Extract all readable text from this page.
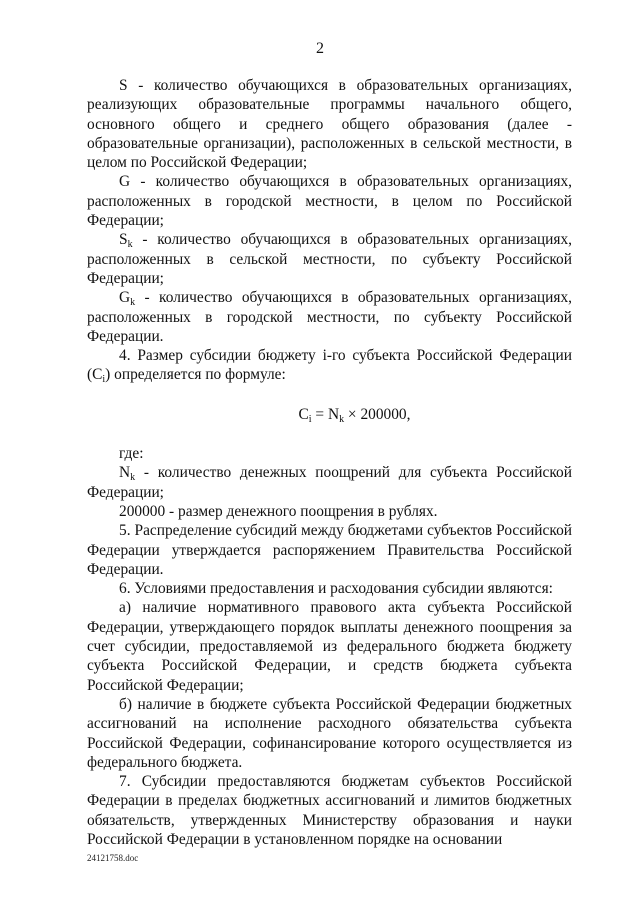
2

S - количество обучающихся в образовательных организациях, реализующих образовательные программы начального общего, основного общего и среднего общего образования (далее - образовательные организации), расположенных в сельской местности, в целом по Российской Федерации;

G - количество обучающихся в образовательных организациях, расположенных в городской местности, в целом по Российской Федерации;

$S_k$ - количество обучающихся в образовательных организациях, расположенных в сельской местности, по субъекту Российской Федерации;

$G_k$ - количество обучающихся в образовательных организациях, расположенных в городской местности, по субъекту Российской Федерации.

4. Размер субсидии бюджету i-го субъекта Российской Федерации $(С_i)$ определяется по формуле:

$C_i = N_k \times 200000$,

где:

$N_k$ - количество денежных поощрений для субъекта Российской Федерации;

200000 - размер денежного поощрения в рублях.

5. Распределение субсидий между бюджетами субъектов Российской Федерации утверждается распоряжением Правительства Российской Федерации.

6. Условиями предоставления и расходования субсидии являются:

а) наличие нормативного правового акта субъекта Российской Федерации, утверждающего порядок выплаты денежного поощрения за счет субсидии, предоставляемой из федерального бюджета бюджету субъекта Российской Федерации, и средств бюджета субъекта Российской Федерации;

б) наличие в бюджете субъекта Российской Федерации бюджетных ассигнований на исполнение расходного обязательства субъекта Российской Федерации, софинансирование которого осуществляется из федерального бюджета.

7. Субсидии предоставляются бюджетам субъектов Российской Федерации в пределах бюджетных ассигнований и лимитов бюджетных обязательств, утвержденных Министерству образования и науки Российской Федерации в установленном порядке на основании

24121758.doc
